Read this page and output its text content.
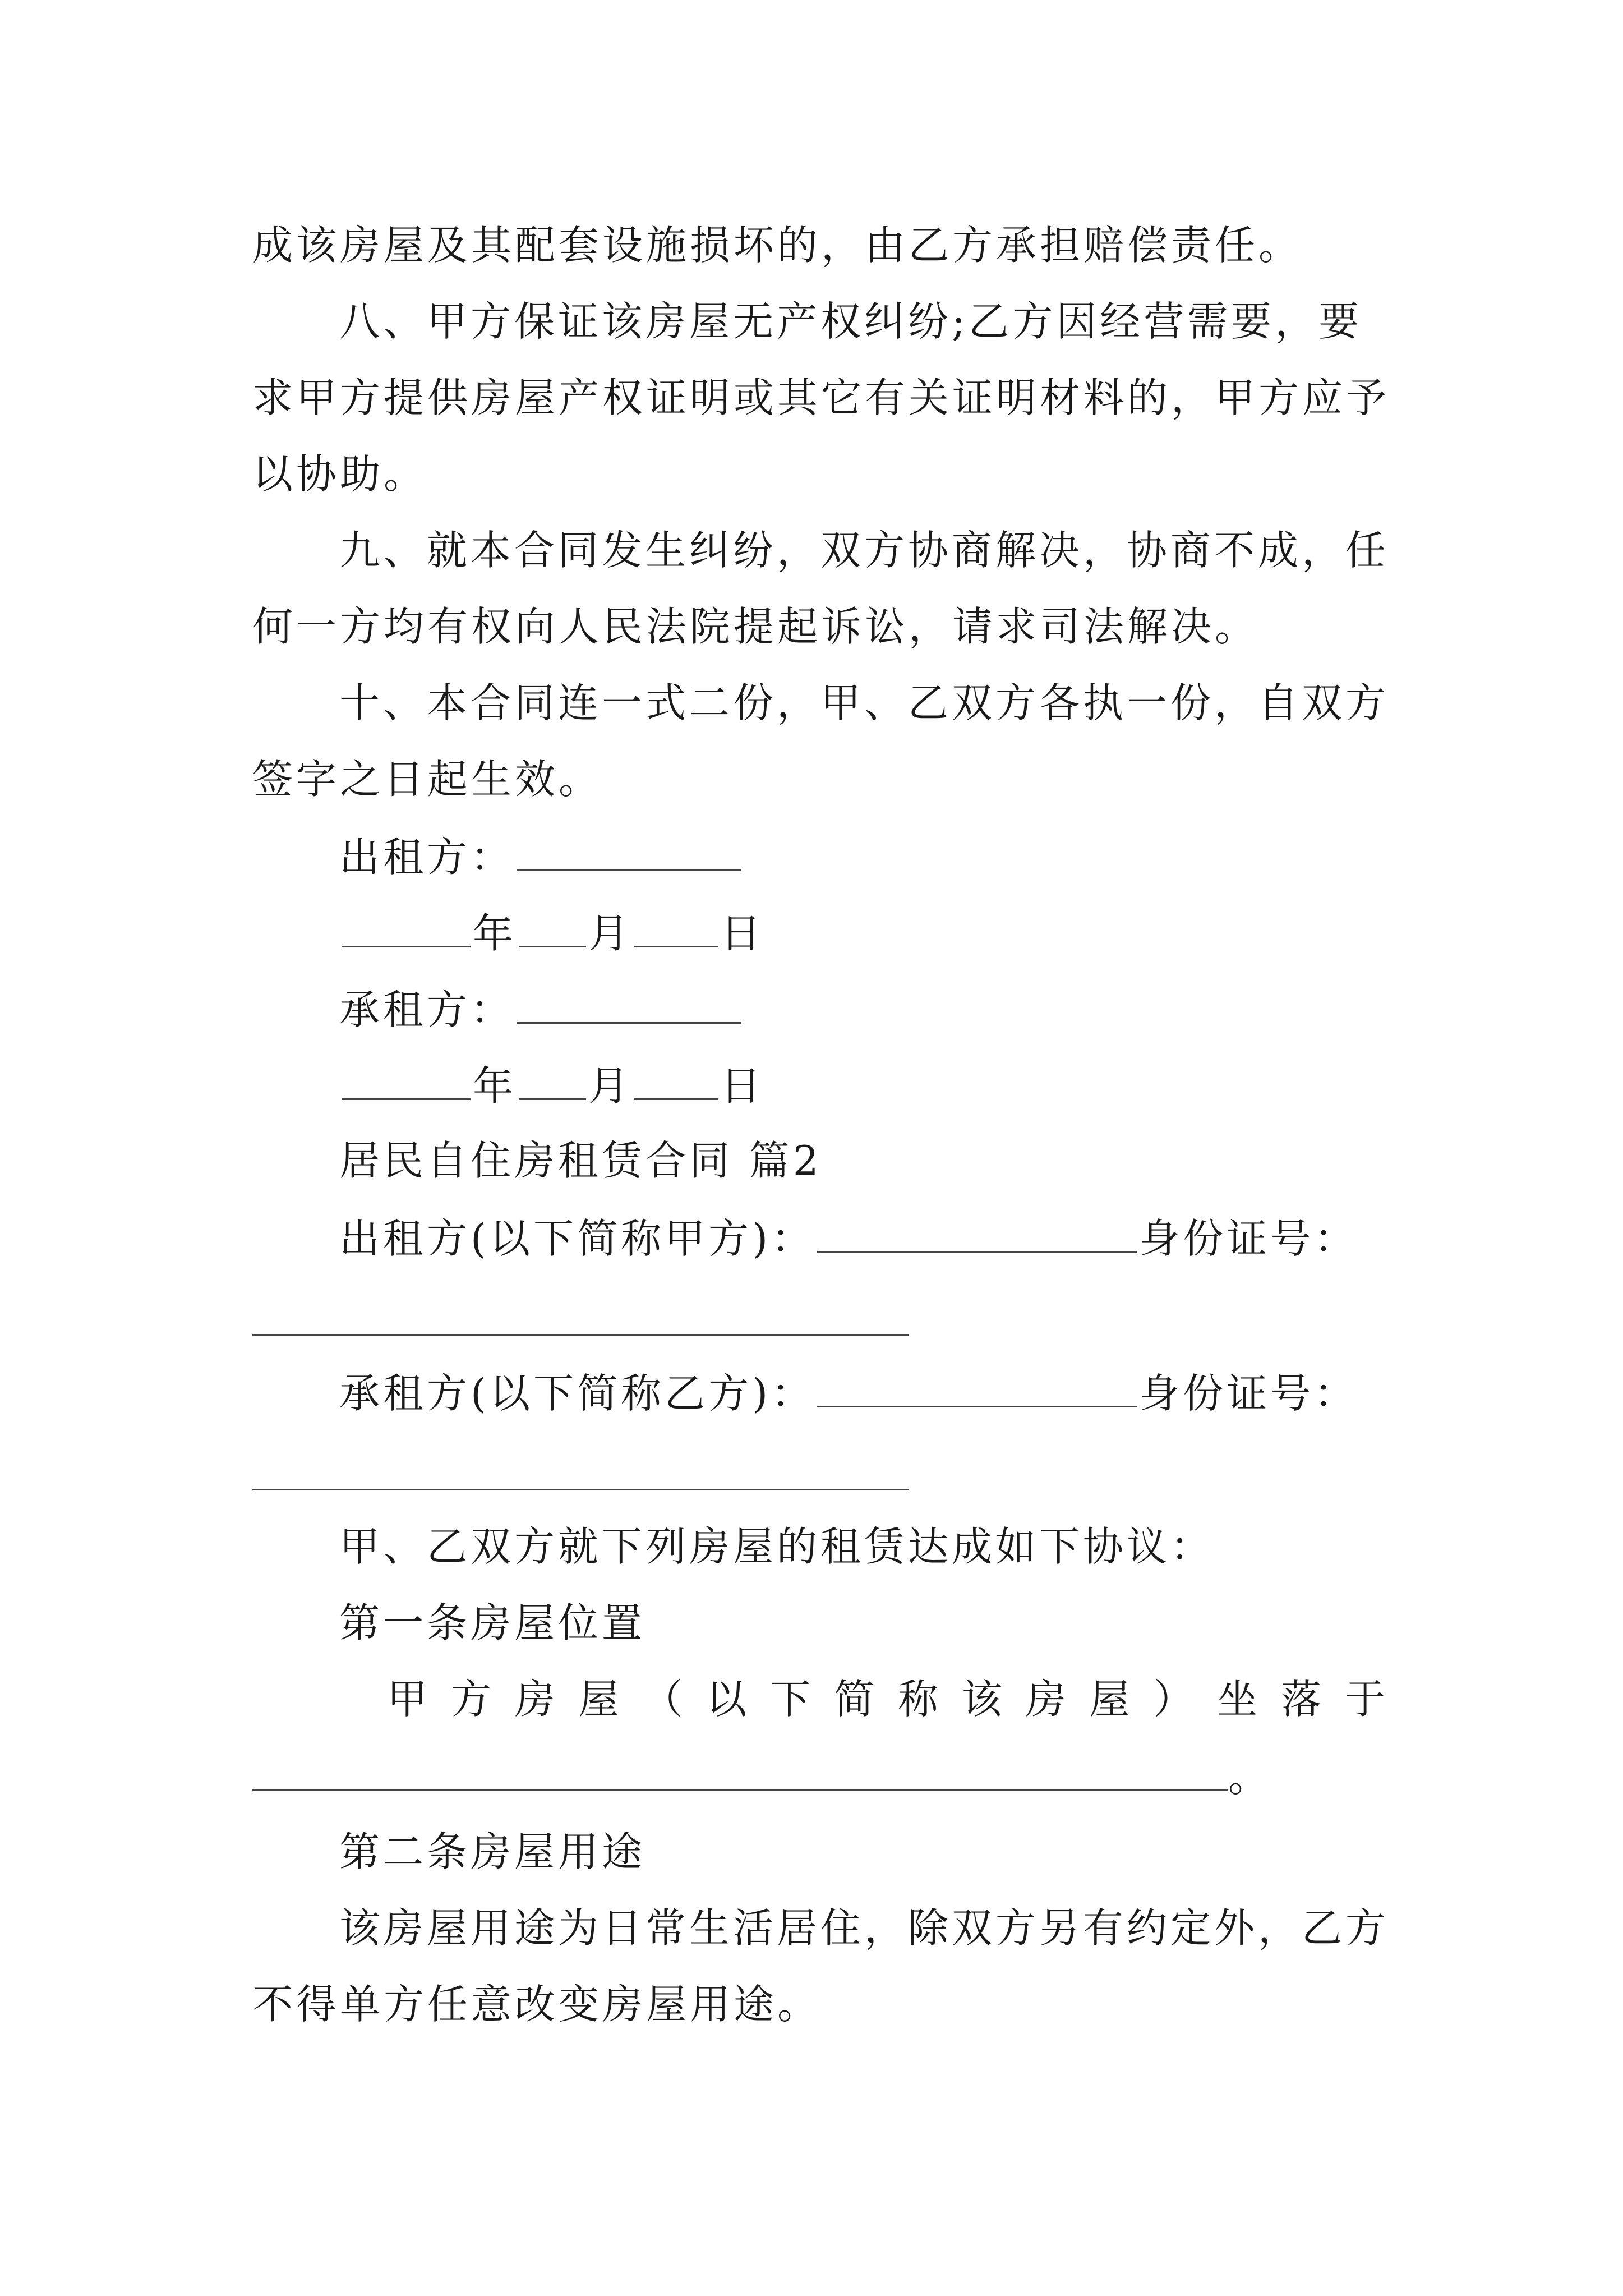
成该房屋及其配套设施损坏的，由乙方承担赔偿责任。
八、甲方保证该房屋无产权纠纷;乙方因经营需要，要
求甲方提供房屋产权证明或其它有关证明材料的，甲方应予
以协助。
九、就本合同发生纠纷，双方协商解决，协商不成，任
何一方均有权向人民法院提起诉讼，请求司法解决。
十、本合同连一式二份，甲、乙双方各执一份，自双方
签字之日起生效。
出租方：
年 月 日
承租方：
年 月 日
居民自住房租赁合同 篇2
出租方(以下简称甲方)：	身份证号：
承租方(以下简称乙方)：	身份证号：
甲、乙双方就下列房屋的租赁达成如下协议：
第一条房屋位置
甲 方 房 屋 （ 以 下 简 称 该 房 屋 ） 坐 落 于
。
第二条房屋用途
该房屋用途为日常生活居住，除双方另有约定外，乙方
不得单方任意改变房屋用途。
